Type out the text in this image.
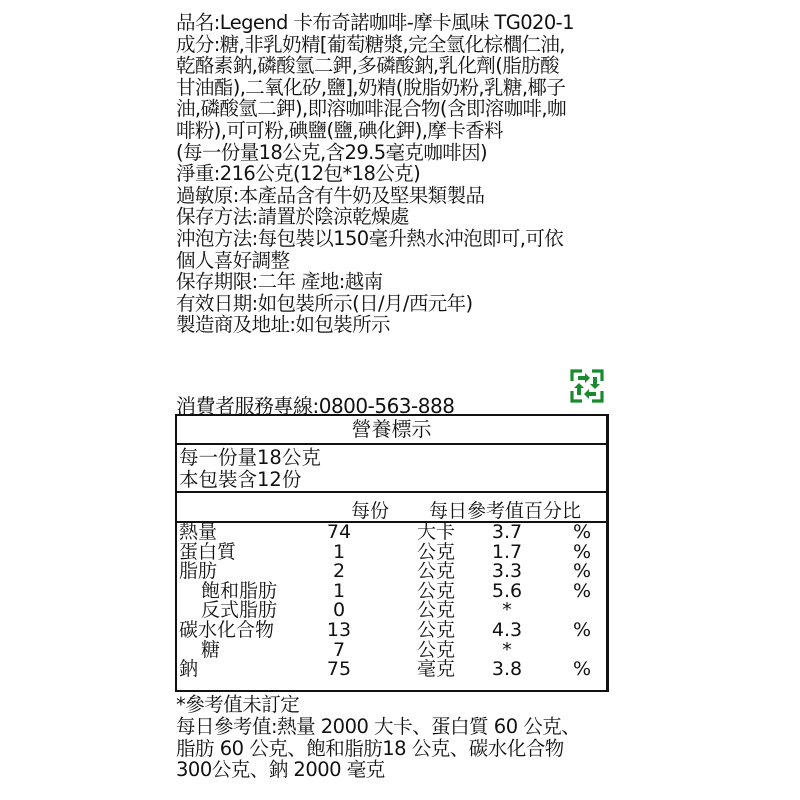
品名:Legend 卡布奇諾咖啡-摩卡風味 TG020-1
成分:糖,非乳奶精[葡萄糖漿,完全氫化棕櫚仁油,
乾酪素鈉,磷酸氫二鉀,多磷酸鈉,乳化劑(脂肪酸
甘油酯),二氧化矽,鹽],奶精(脫脂奶粉,乳糖,椰子
油,磷酸氫二鉀),即溶咖啡混合物(含即溶咖啡,咖
啡粉),可可粉,碘鹽(鹽,碘化鉀),摩卡香料
(每一份量18公克,含29.5毫克咖啡因)
淨重:216公克(12包*18公克)
過敏原:本產品含有牛奶及堅果類製品
保存方法:請置於陰涼乾燥處
沖泡方法:每包裝以150毫升熱水沖泡即可,可依
個人喜好調整
保存期限:二年 產地:越南
有效日期:如包裝所示(日/月/西元年)
製造商及地址:如包裝所示
消費者服務專線:0800-563-888
營養標示
每一份量18公克
本包裝含12份
每份 每日參考值百分比
熱量	74	大卡	3.7	%
蛋白質	1	公克	1.7	%
脂肪	2	公克	3.3	%
飽和脂肪	1	公克	5.6	%
反式脂肪	0	公克	*
碳水化合物	13	公克	4.3	%
糖	7	公克	*
鈉	75	毫克	3.8	%
*參考值未訂定
每日參考值:熱量 2000 大卡、蛋白質 60 公克、
脂肪 60 公克、飽和脂肪18 公克、碳水化合物
300公克、鈉 2000 毫克
